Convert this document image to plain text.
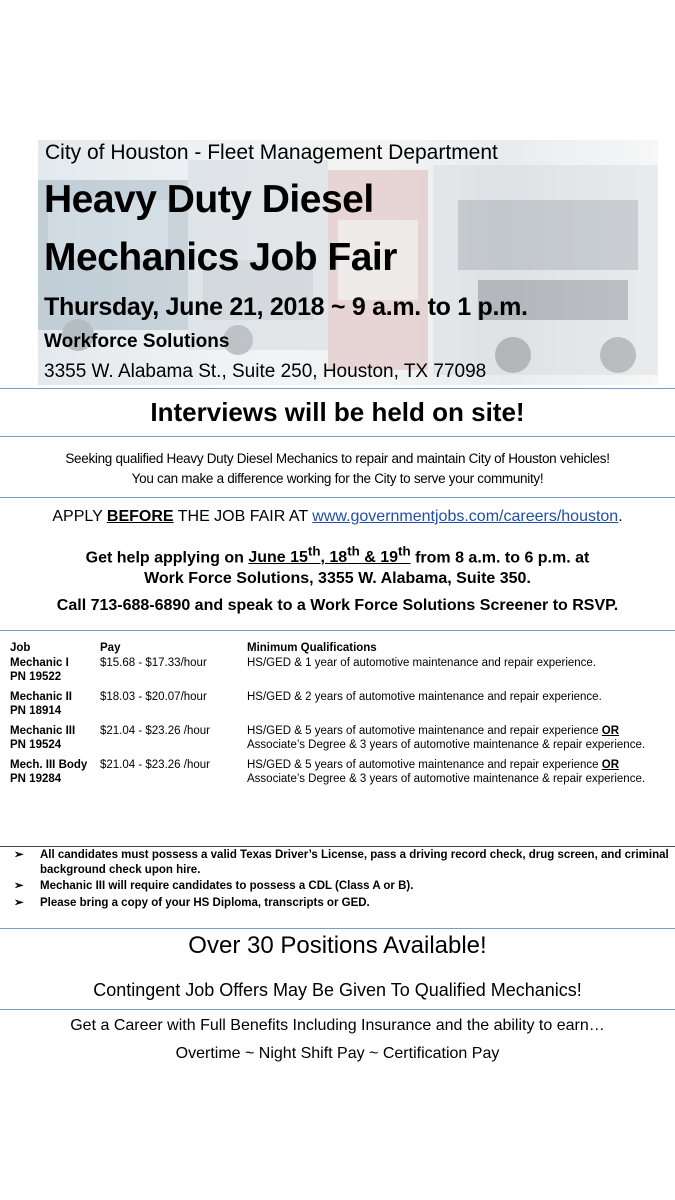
City of Houston - Fleet Management Department
Heavy Duty Diesel
Mechanics Job Fair
Thursday, June 21, 2018 ~ 9 a.m. to 1 p.m.
Workforce Solutions
3355 W. Alabama St., Suite 250, Houston, TX 77098
Interviews will be held on site!
Seeking qualified Heavy Duty Diesel Mechanics to repair and maintain City of Houston vehicles!
You can make a difference working for the City to serve your community!
APPLY BEFORE THE JOB FAIR AT www.governmentjobs.com/careers/houston.
Get help applying on June 15th, 18th & 19th from 8 a.m. to 6 p.m. at
Work Force Solutions, 3355 W. Alabama, Suite 350.
Call 713-688-6890 and speak to a Work Force Solutions Screener to RSVP.
Job	Pay	Minimum Qualifications
Mechanic I
PN 19522	$15.68 - $17.33/hour	HS/GED & 1 year of automotive maintenance and repair experience.
Mechanic II
PN 18914	$18.03 - $20.07/hour	HS/GED & 2 years of automotive maintenance and repair experience.
Mechanic III
PN 19524	$21.04 - $23.26 /hour	HS/GED & 5 years of automotive maintenance and repair experience OR
Associate’s Degree & 3 years of automotive maintenance & repair experience.
Mech. III Body
PN 19284	$21.04 - $23.26 /hour	HS/GED & 5 years of automotive maintenance and repair experience OR
Associate’s Degree & 3 years of automotive maintenance & repair experience.
➢	All candidates must possess a valid Texas Driver’s License, pass a driving record check, drug screen, and criminal background check upon hire.
➢	Mechanic III will require candidates to possess a CDL (Class A or B).
➢	Please bring a copy of your HS Diploma, transcripts or GED.
Over 30 Positions Available!
Contingent Job Offers May Be Given To Qualified Mechanics!
Get a Career with Full Benefits Including Insurance and the ability to earn…
Overtime ~ Night Shift Pay ~ Certification Pay
